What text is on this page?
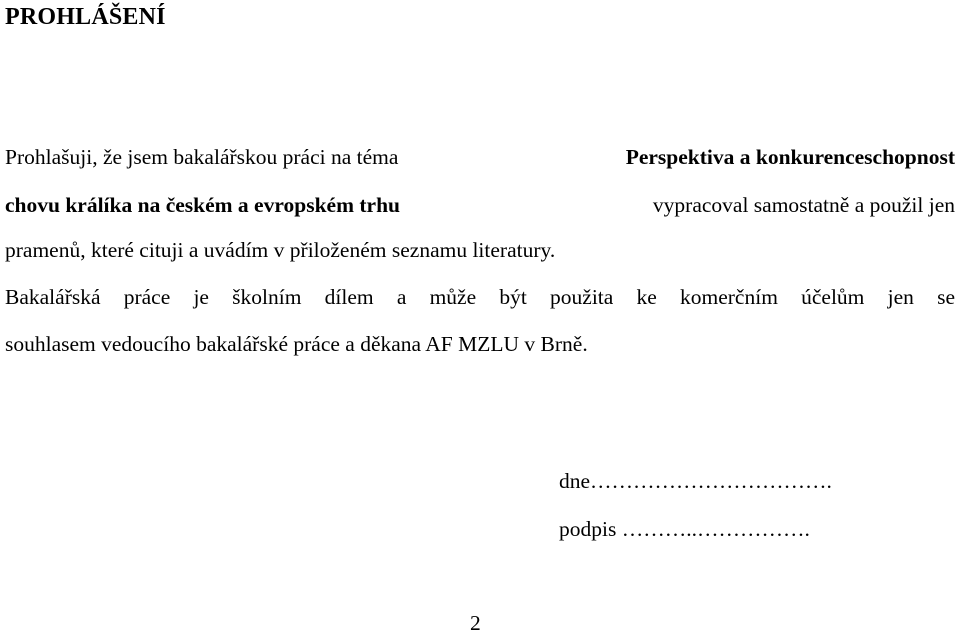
PROHLÁŠENÍ
Prohlašuji, že jsem bakalářskou práci na téma	Perspektiva a konkurenceschopnost
chovu králíka na českém a evropském trhu	vypracoval samostatně a použil jen
pramenů, které cituji a uvádím v přiloženém seznamu literatury.
Bakalářská práce je školním dílem a může být použita ke komerčním účelům jen se
souhlasem vedoucího bakalářské práce a děkana AF MZLU v Brně.
dne…………………………….
podpis ………..…………….
2
